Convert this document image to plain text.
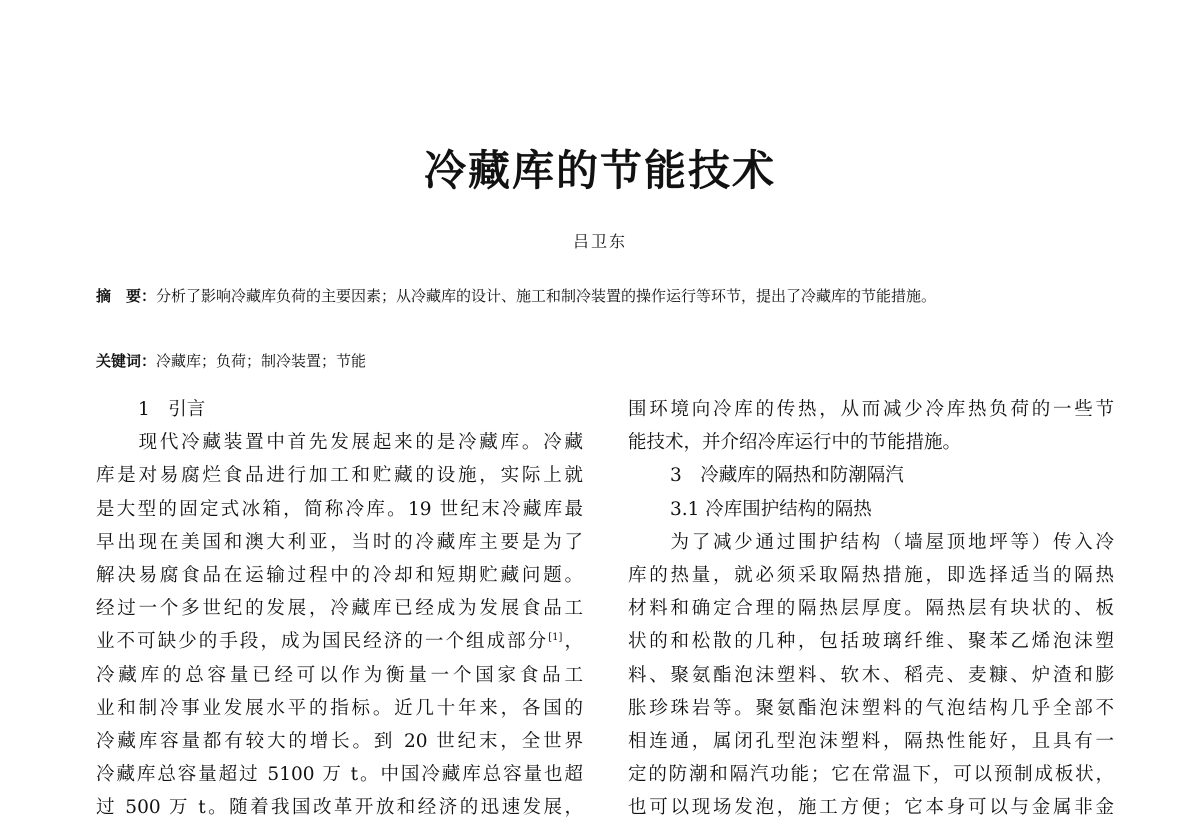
冷藏库的节能技术
吕卫东
摘　要：分析了影响冷藏库负荷的主要因素；从冷藏库的设计、施工和制冷装置的操作运行等环节，提出了冷藏库的节能措施。
关键词：冷藏库；负荷；制冷装置；节能
1　引言
　　现代冷藏装置中首先发展起来的是冷藏库。冷藏
库是对易腐烂食品进行加工和贮藏的设施，实际上就
是大型的固定式冰箱，简称冷库。19 世纪末冷藏库最
早出现在美国和澳大利亚，当时的冷藏库主要是为了
解决易腐食品在运输过程中的冷却和短期贮藏问题。
经过一个多世纪的发展，冷藏库已经成为发展食品工
业不可缺少的手段，成为国民经济的一个组成部分[1]，
冷藏库的总容量已经可以作为衡量一个国家食品工
业和制冷事业发展水平的指标。近几十年来，各国的
冷藏库容量都有较大的增长。到 20 世纪末，全世界
冷藏库总容量超过 5100 万 t。中国冷藏库总容量也超
过 500 万 t。随着我国改革开放和经济的迅速发展，
围环境向冷库的传热，从而减少冷库热负荷的一些节
能技术，并介绍冷库运行中的节能措施。
3　冷藏库的隔热和防潮隔汽
3.1 冷库围护结构的隔热
　　为了减少通过围护结构（墙屋顶地坪等）传入冷
库的热量，就必须采取隔热措施，即选择适当的隔热
材料和确定合理的隔热层厚度。隔热层有块状的、板
状的和松散的几种，包括玻璃纤维、聚苯乙烯泡沫塑
料、聚氨酯泡沫塑料、软木、稻壳、麦糠、炉渣和膨
胀珍珠岩等。聚氨酯泡沫塑料的气泡结构几乎全部不
相连通，属闭孔型泡沫塑料，隔热性能好，且具有一
定的防潮和隔汽功能；它在常温下，可以预制成板状，
也可以现场发泡，施工方便；它本身可以与金属非金
